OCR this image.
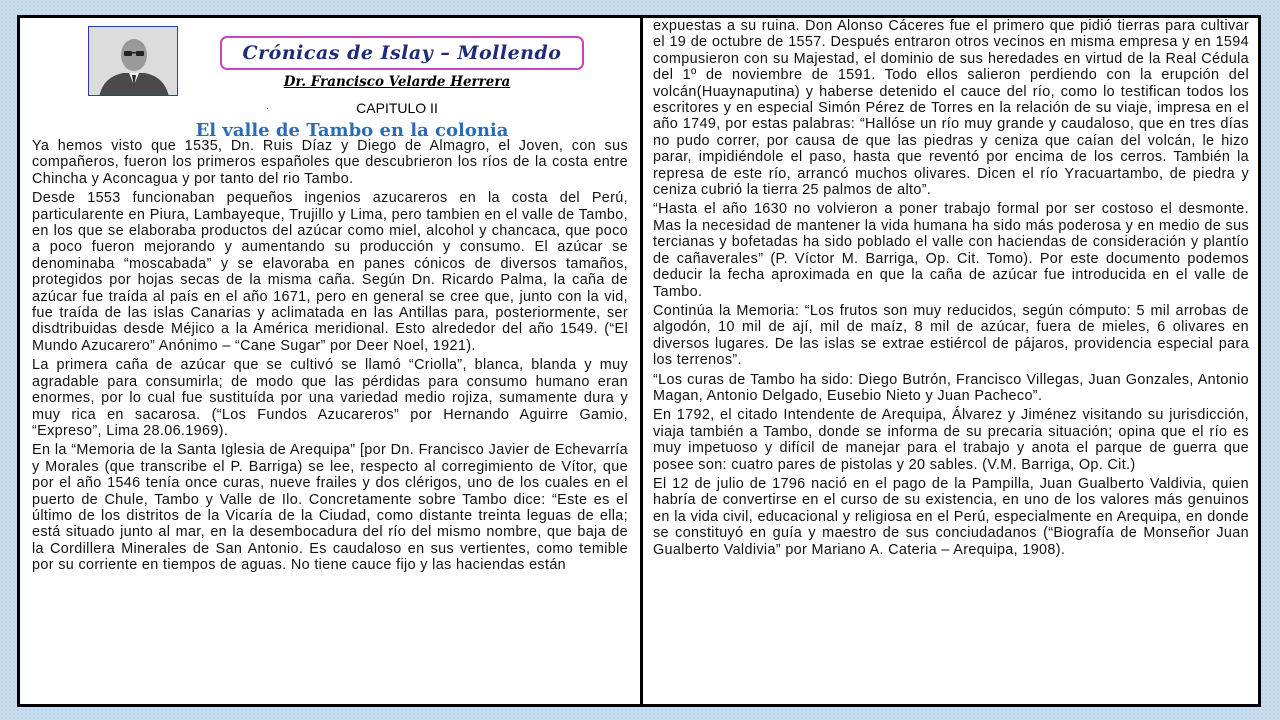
Crónicas de Islay – Mollendo
Dr. Francisco Velarde Herrera
·	CAPITULO II
El valle de Tambo en la colonia

Ya hemos visto que 1535, Dn. Ruis Díaz y Diego de Almagro, el Joven, con sus compañeros, fueron los primeros españoles que descubrieron los ríos de la costa entre Chincha y Aconcagua y por tanto del rio Tambo.

Desde 1553 funcionaban pequeños ingenios azucareros en la costa del Perú, particularente en Piura, Lambayeque, Trujillo y Lima, pero tambien en el valle de Tambo, en los que se elaboraba productos del azúcar como miel, alcohol y chancaca, que poco a poco fueron mejorando y aumentando su producción y consumo. El azúcar se denominaba “moscabada” y se elavoraba en panes cónicos de diversos tamaños, protegidos por hojas secas de la misma caña. Según Dn. Ricardo Palma, la caña de azúcar fue traída al país en el año 1671, pero en general se cree que, junto con la vid, fue traída de las islas Canarias y aclimatada en las Antillas para, posteriormente, ser disdtribuidas desde Méjico a la América meridional. Esto alrededor del año 1549. (“El Mundo Azucarero” Anónimo – “Cane Sugar” por Deer Noel, 1921).

La primera caña de azúcar que se cultivó se llamó “Criolla”, blanca, blanda y muy agradable para consumirla; de modo que las pérdidas para consumo humano eran enormes, por lo cual fue sustituída por una variedad medio rojiza, sumamente dura y muy rica en sacarosa. (“Los Fundos Azucareros” por Hernando Aguirre Gamio, “Expreso”, Lima 28.06.1969).

En la “Memoria de la Santa Iglesia de Arequipa” [por Dn. Francisco Javier de Echevarría y Morales (que transcribe el P. Barriga) se lee, respecto al corregimiento de Vítor, que por el año 1546 tenía once curas, nueve frailes y dos clérigos, uno de los cuales en el puerto de Chule, Tambo y Valle de Ilo. Concretamente sobre Tambo dice: “Este es el último de los distritos de la Vicaría de la Ciudad, como distante treinta leguas de ella; está situado junto al mar, en la desembocadura del río del mismo nombre, que baja de la Cordillera Minerales de San Antonio. Es caudaloso en sus vertientes, como temible por su corriente en tiempos de aguas. No tiene cauce fijo y las haciendas están

expuestas a su ruina. Don Alonso Cáceres fue el primero que pidió tierras para cultivar el 19 de octubre de 1557. Después entraron otros vecinos en misma empresa y en 1594 compusieron con su Majestad, el dominio de sus heredades en virtud de la Real Cédula del 1º de noviembre de 1591. Todo ellos salieron perdiendo con la erupción del volcán(Huaynaputina) y haberse detenido el cauce del río, como lo testifican todos los escritores y en especial Simón Pérez de Torres en la relación de su viaje, impresa en el año 1749, por estas palabras: “Hallóse un río muy grande y caudaloso, que en tres días no pudo correr, por causa de que las piedras y ceniza que caían del volcán, le hizo parar, impidiéndole el paso, hasta que reventó por encima de los cerros. También la represa de este río, arrancó muchos olivares. Dicen el río Yracuartambo, de piedra y ceniza cubrió la tierra 25 palmos de alto”.

“Hasta el año 1630 no volvieron a poner trabajo formal por ser costoso el desmonte. Mas la necesidad de mantener la vida humana ha sido más poderosa y en medio de sus tercianas y bofetadas ha sido poblado el valle con haciendas de consideración y plantío de cañaverales” (P. Víctor M. Barriga, Op. Cit. Tomo). Por este documento podemos deducir la fecha aproximada en que la caña de azúcar fue introducida en el valle de Tambo.

Continúa la Memoria: “Los frutos son muy reducidos, según cómputo: 5 mil arrobas de algodón, 10 mil de ají, mil de maíz, 8 mil de azúcar, fuera de mieles, 6 olivares en diversos lugares. De las islas se extrae estiércol de pájaros, providencia especial para los terrenos”.

“Los curas de Tambo ha sido: Diego Butrón, Francisco Villegas, Juan Gonzales, Antonio Magan, Antonio Delgado, Eusebio Nieto y Juan Pacheco”.

En 1792, el citado Intendente de Arequipa, Álvarez y Jiménez visitando su jurisdicción, viaja también a Tambo, donde se informa de su precaria situación; opina que el río es muy impetuoso y difícil de manejar para el trabajo y anota el parque de guerra que posee son: cuatro pares de pistolas y 20 sables. (V.M. Barriga, Op. Cit.)

El 12 de julio de 1796 nació en el pago de la Pampilla, Juan Gualberto Valdivia, quien habría de convertirse en el curso de su existencia, en uno de los valores más genuinos en la vida civil, educacional y religiosa en el Perú, especialmente en Arequipa, en donde se constituyó en guía y maestro de sus conciudadanos (“Biografía de Monseñor Juan Gualberto Valdivia” por Mariano A. Cateria – Arequipa, 1908).
